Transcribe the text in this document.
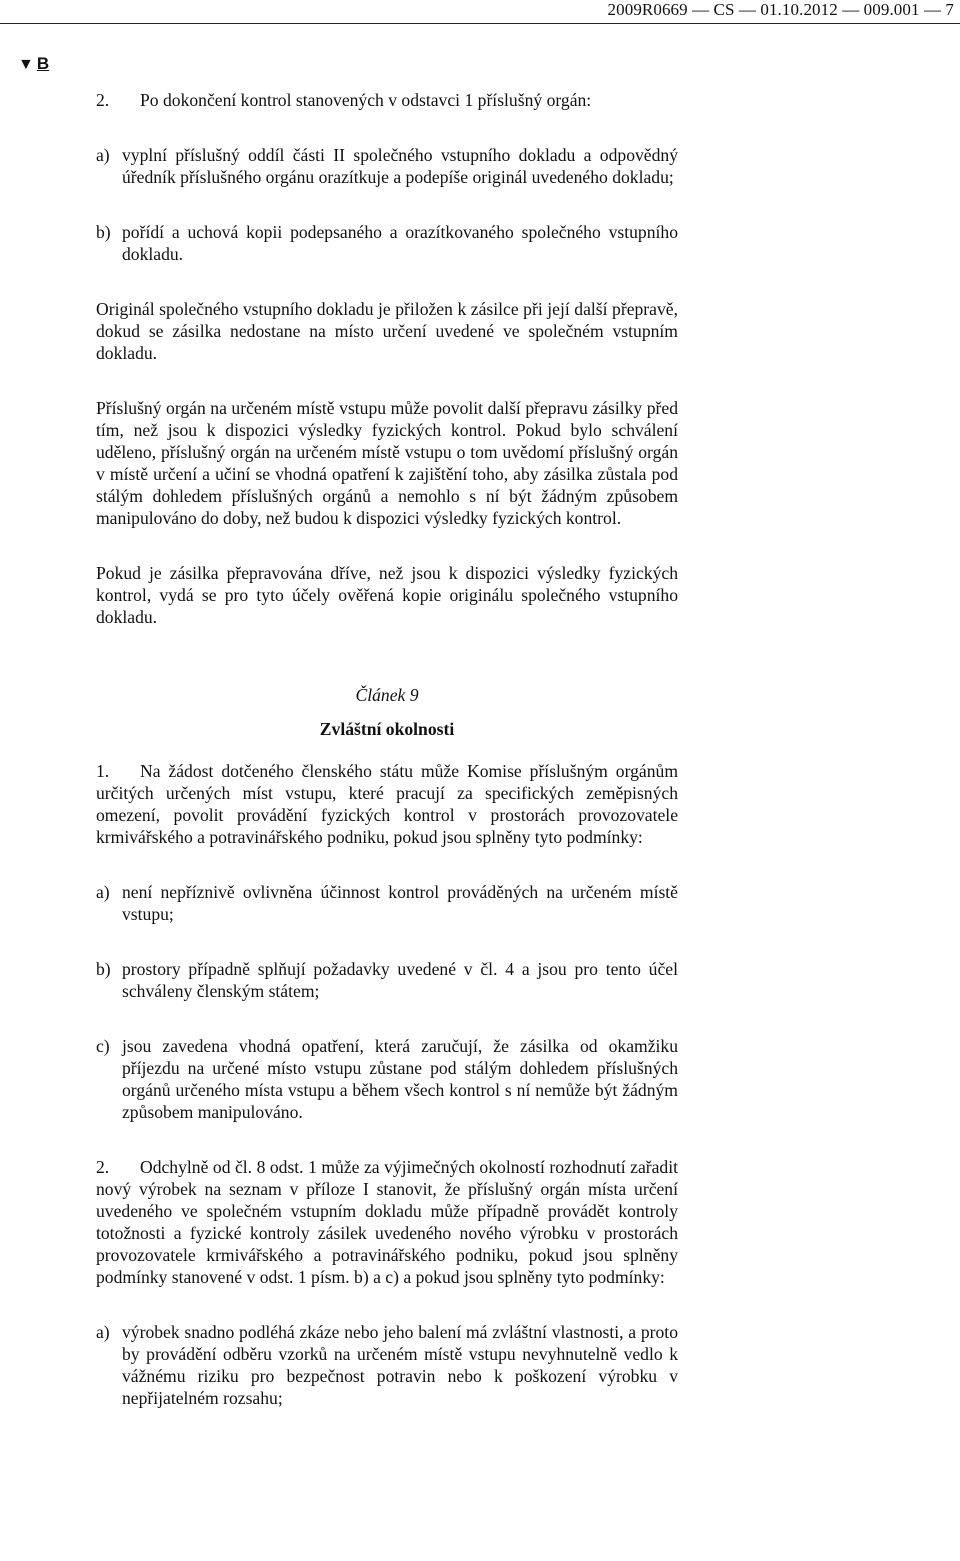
2009R0669 — CS — 01.10.2012 — 009.001 — 7
▼ B

2. Po dokončení kontrol stanovených v odstavci 1 příslušný orgán:

a) vyplní příslušný oddíl části II společného vstupního dokladu a odpovědný úředník příslušného orgánu orazítkuje a podepíše originál uvedeného dokladu;
b) pořídí a uchová kopii podepsaného a orazítkovaného společného vstupního dokladu.

Originál společného vstupního dokladu je přiložen k zásilce při její další přepravě, dokud se zásilka nedostane na místo určení uvedené ve společném vstupním dokladu.

Příslušný orgán na určeném místě vstupu může povolit další přepravu zásilky před tím, než jsou k dispozici výsledky fyzických kontrol. Pokud bylo schválení uděleno, příslušný orgán na určeném místě vstupu o tom uvědomí příslušný orgán v místě určení a učiní se vhodná opatření k zajištění toho, aby zásilka zůstala pod stálým dohledem příslušných orgánů a nemohlo s ní být žádným způsobem manipulováno do doby, než budou k dispozici výsledky fyzických kontrol.

Pokud je zásilka přepravována dříve, než jsou k dispozici výsledky fyzických kontrol, vydá se pro tyto účely ověřená kopie originálu společného vstupního dokladu.

Článek 9
Zvláštní okolnosti

1. Na žádost dotčeného členského státu může Komise příslušným orgánům určitých určených míst vstupu, které pracují za specifických zeměpisných omezení, povolit provádění fyzických kontrol v prostorách provozovatele krmivářského a potravinářského podniku, pokud jsou splněny tyto podmínky:

a) není nepříznivě ovlivněna účinnost kontrol prováděných na určeném místě vstupu;
b) prostory případně splňují požadavky uvedené v čl. 4 a jsou pro tento účel schváleny členským státem;
c) jsou zavedena vhodná opatření, která zaručují, že zásilka od okamžiku příjezdu na určené místo vstupu zůstane pod stálým dohledem příslušných orgánů určeného místa vstupu a během všech kontrol s ní nemůže být žádným způsobem manipulováno.

2. Odchylně od čl. 8 odst. 1 může za výjimečných okolností rozhodnutí zařadit nový výrobek na seznam v příloze I stanovit, že příslušný orgán místa určení uvedeného ve společném vstupním dokladu může případně provádět kontroly totožnosti a fyzické kontroly zásilek uvedeného nového výrobku v prostorách provozovatele krmivářského a potravinářského podniku, pokud jsou splněny podmínky stanovené v odst. 1 písm. b) a c) a pokud jsou splněny tyto podmínky:

a) výrobek snadno podléhá zkáze nebo jeho balení má zvláštní vlastnosti, a proto by provádění odběru vzorků na určeném místě vstupu nevyhnutelně vedlo k vážnému riziku pro bezpečnost potravin nebo k poškození výrobku v nepřijatelném rozsahu;
